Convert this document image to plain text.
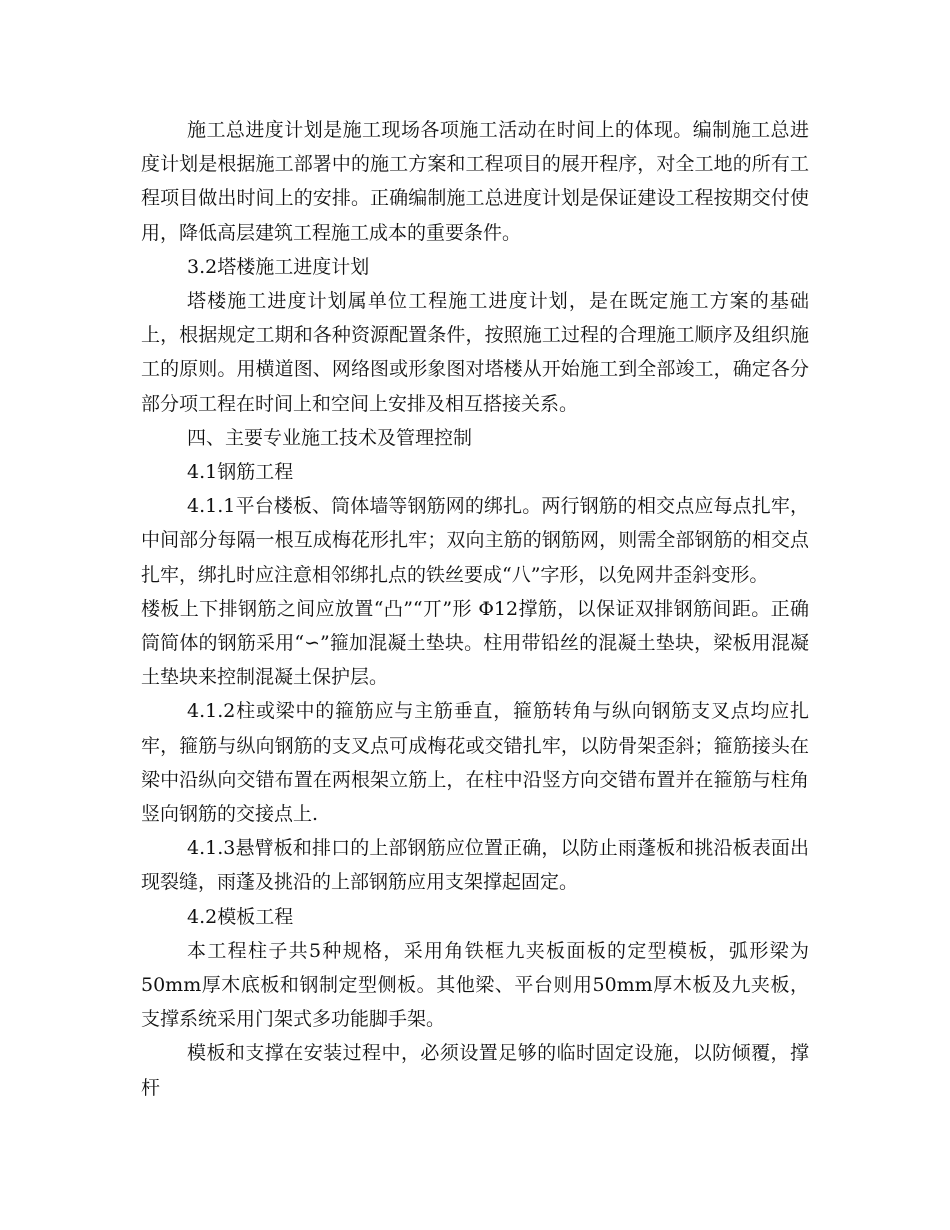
施工总进度计划是施工现场各项施工活动在时间上的体现。编制施工总进度计划是根据施工部署中的施工方案和工程项目的展开程序，对全工地的所有工程项目做出时间上的安排。正确编制施工总进度计划是保证建设工程按期交付使用，降低高层建筑工程施工成本的重要条件。

3.2塔楼施工进度计划

塔楼施工进度计划属单位工程施工进度计划，是在既定施工方案的基础上，根据规定工期和各种资源配置条件，按照施工过程的合理施工顺序及组织施工的原则。用横道图、网络图或形象图对塔楼从开始施工到全部竣工，确定各分部分项工程在时间上和空间上安排及相互搭接关系。

四、主要专业施工技术及管理控制

4.1钢筋工程

4.1.1平台楼板、筒体墙等钢筋网的绑扎。两行钢筋的相交点应每点扎牢，中间部分每隔一根互成梅花形扎牢；双向主筋的钢筋网，则需全部钢筋的相交点扎牢，绑扎时应注意相邻绑扎点的铁丝要成“八”字形，以免网井歪斜变形。

楼板上下排钢筋之间应放置“凸”“丌”形 Φ12撑筋，以保证双排钢筋间距。正确筒简体的钢筋采用“∽”箍加混凝土垫块。柱用带铅丝的混凝土垫块，梁板用混凝土垫块来控制混凝土保护层。

4.1.2柱或梁中的箍筋应与主筋垂直，箍筋转角与纵向钢筋支叉点均应扎牢，箍筋与纵向钢筋的支叉点可成梅花或交错扎牢，以防骨架歪斜；箍筋接头在梁中沿纵向交错布置在两根架立筋上，在柱中沿竖方向交错布置并在箍筋与柱角竖向钢筋的交接点上.

4.1.3悬臂板和排口的上部钢筋应位置正确，以防止雨蓬板和挑沿板表面出现裂缝，雨蓬及挑沿的上部钢筋应用支架撑起固定。

4.2模板工程

本工程柱子共5种规格，采用角铁框九夹板面板的定型模板，弧形梁为50mm厚木底板和钢制定型侧板。其他梁、平台则用50mm厚木板及九夹板，支撑系统采用门架式多功能脚手架。

模板和支撑在安装过程中，必须设置足够的临时固定设施，以防倾覆，撑杆
